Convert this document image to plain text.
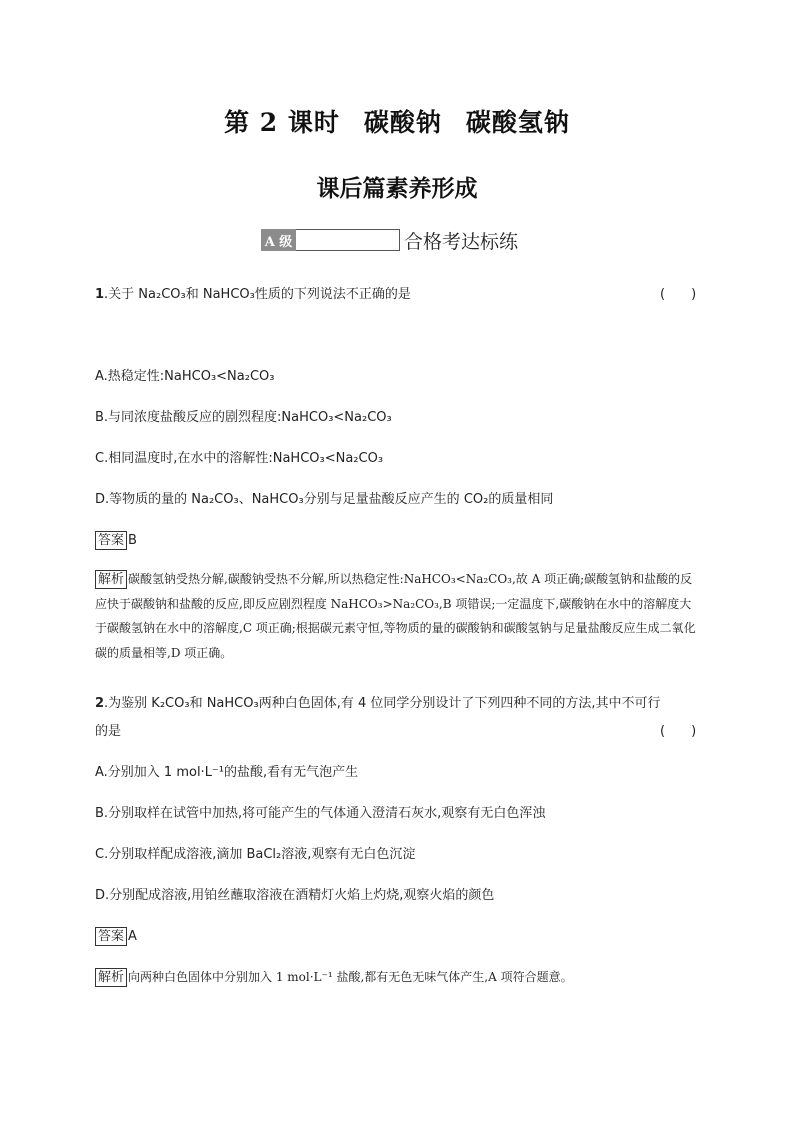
第 2 课时 碳酸钠 碳酸氢钠
课后篇素养形成
A 级	合格考达标练
1.关于 Na₂CO₃和 NaHCO₃性质的下列说法不正确的是	(　　)
A.热稳定性:NaHCO₃<Na₂CO₃
B.与同浓度盐酸反应的剧烈程度:NaHCO₃<Na₂CO₃
C.相同温度时,在水中的溶解性:NaHCO₃<Na₂CO₃
D.等物质的量的 Na₂CO₃、NaHCO₃分别与足量盐酸反应产生的 CO₂的质量相同
答案 B
解析 碳酸氢钠受热分解,碳酸钠受热不分解,所以热稳定性:NaHCO₃<Na₂CO₃,故 A 项正确;碳酸氢钠和盐酸的反应快于碳酸钠和盐酸的反应,即反应剧烈程度 NaHCO₃>Na₂CO₃,B 项错误;一定温度下,碳酸钠在水中的溶解度大于碳酸氢钠在水中的溶解度,C 项正确;根据碳元素守恒,等物质的量的碳酸钠和碳酸氢钠与足量盐酸反应生成二氧化碳的质量相等,D 项正确。
2.为鉴别 K₂CO₃和 NaHCO₃两种白色固体,有 4 位同学分别设计了下列四种不同的方法,其中不可行
的是	(　　)
A.分别加入 1 mol·L⁻¹的盐酸,看有无气泡产生
B.分别取样在试管中加热,将可能产生的气体通入澄清石灰水,观察有无白色浑浊
C.分别取样配成溶液,滴加 BaCl₂溶液,观察有无白色沉淀
D.分别配成溶液,用铂丝蘸取溶液在酒精灯火焰上灼烧,观察火焰的颜色
答案 A
解析 向两种白色固体中分别加入 1 mol·L⁻¹ 盐酸,都有无色无味气体产生,A 项符合题意。
